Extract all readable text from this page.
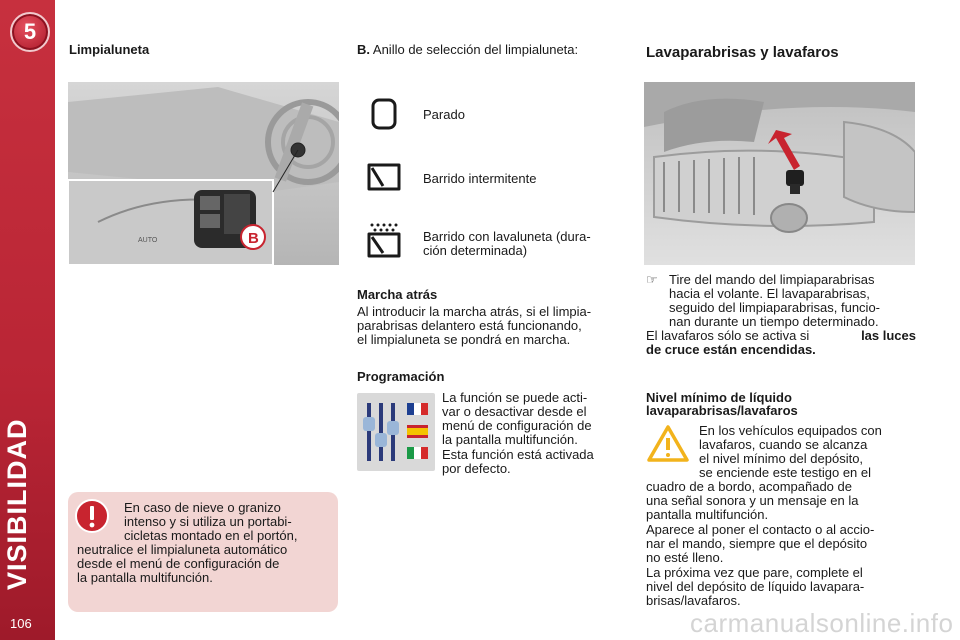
5
VISIBILIDAD
106
Limpialuneta
AUTO	B
En caso de nieve o granizo
intenso y si utiliza un portabi-
cicletas montado en el portón,
neutralice el limpialuneta automático
desde el menú de configuración de
la pantalla multifunción.
B. Anillo de selección del limpialuneta:
Parado
Barrido intermitente
Barrido con lavaluneta (dura-
ción determinada)
Marcha atrás
Al introducir la marcha atrás, si el limpia-
parabrisas delantero está funcionando,
el limpialuneta se pondrá en marcha.
Programación
La función se puede acti-
var o desactivar desde el
menú de configuración de
la pantalla multifunción.
Esta función está activada
por defecto.
Lavaparabrisas y lavafaros
☞ Tire del mando del limpiaparabrisas
hacia el volante. El lavaparabrisas,
seguido del limpiaparabrisas, funcio-
nan durante un tiempo determinado.
El lavafaros sólo se activa si	las luces
de cruce están encendidas.
Nivel mínimo de líquido
lavaparabrisas/lavafaros
En los vehículos equipados con
lavafaros, cuando se alcanza
el nivel mínimo del depósito,
se enciende este testigo en el
cuadro de a bordo, acompañado de
una señal sonora y un mensaje en la
pantalla multifunción.
Aparece al poner el contacto o al accio-
nar el mando, siempre que el depósito
no esté lleno.
La próxima vez que pare, complete el
nivel del depósito de líquido lavapara-
brisas/lavafaros.
carmanualsonline.info
